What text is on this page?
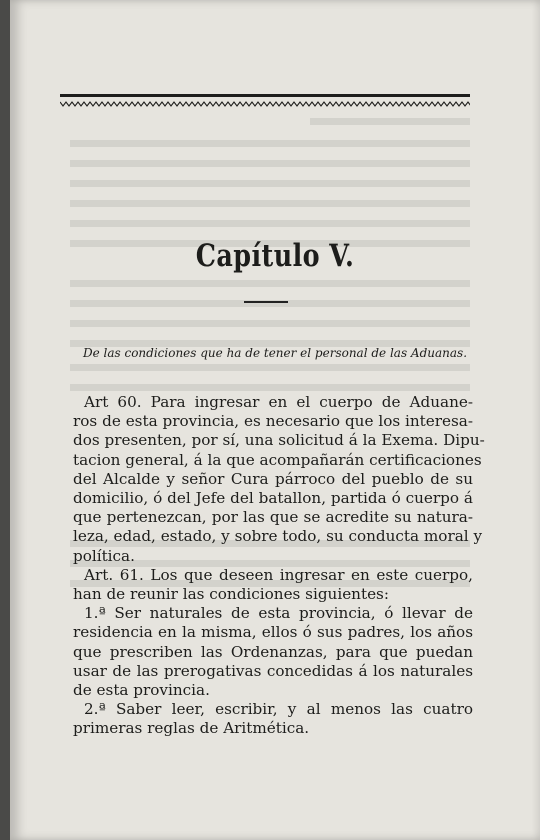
Capítulo V.
De las condiciones que ha de tener el personal de las Aduanas.
Art 60. Para ingresar en el cuerpo de Aduane-
ros de esta provincia, es necesario que los interesa-
dos presenten, por sí, una solicitud á la Exema. Dipu-
tacion general, á la que acompañarán certificaciones
del Alcalde y señor Cura párroco del pueblo de su
domicilio, ó del Jefe del batallon, partida ó cuerpo á
que pertenezcan, por las que se acredite su natura-
leza, edad, estado, y sobre todo, su conducta moral y
política.
Art. 61. Los que deseen ingresar en este cuerpo,
han de reunir las condiciones siguientes:
1.ª Ser naturales de esta provincia, ó llevar de
residencia en la misma, ellos ó sus padres, los años
que prescriben las Ordenanzas, para que puedan
usar de las prerogativas concedidas á los naturales
de esta provincia.
2.ª Saber leer, escribir, y al menos las cuatro
primeras reglas de Aritmética.
